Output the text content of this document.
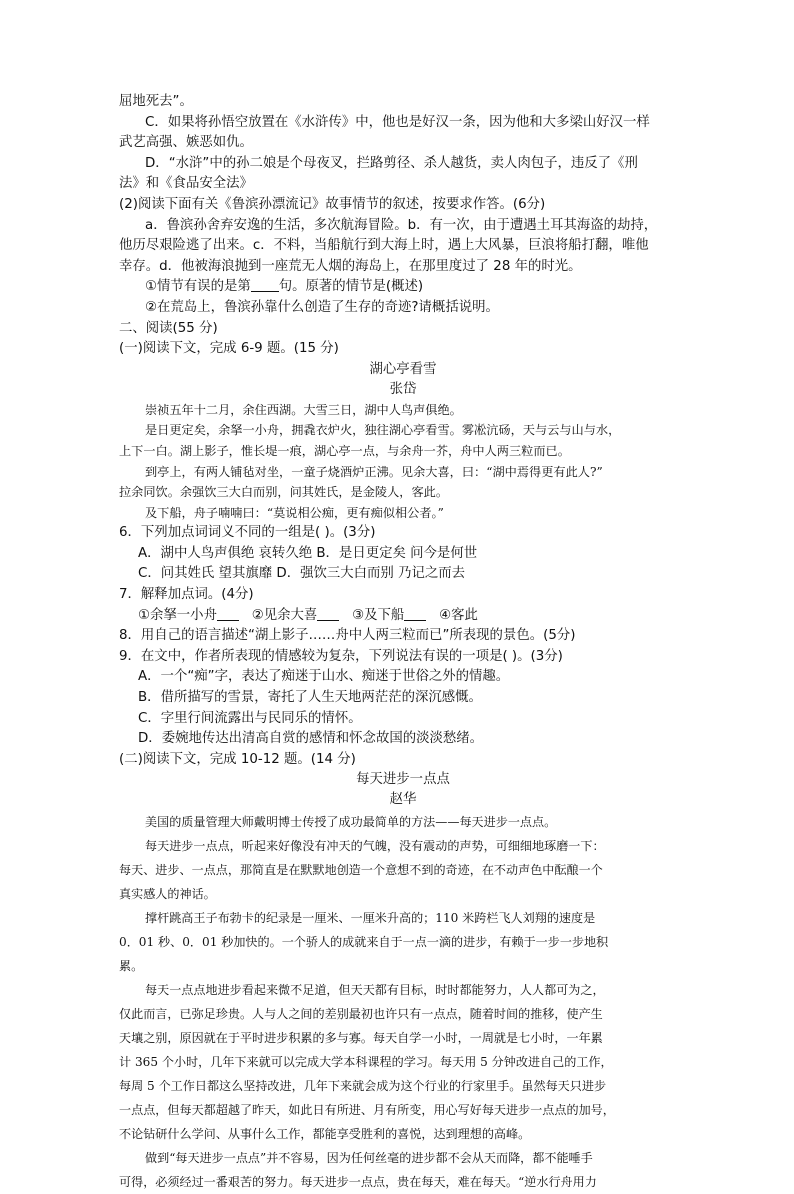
屈地死去”。
C．如果将孙悟空放置在《水浒传》中，他也是好汉一条，因为他和大多梁山好汉一样
武艺高强、嫉恶如仇。
D．“水浒”中的孙二娘是个母夜叉，拦路剪径、杀人越货，卖人肉包子，违反了《刑
法》和《食品安全法》
(2)阅读下面有关《鲁滨孙漂流记》故事情节的叙述，按要求作答。(6分)
a．鲁滨孙舍弃安逸的生活，多次航海冒险。b．有一次，由于遭遇土耳其海盗的劫持，
他历尽艰险逃了出来。c．不料，当船航行到大海上时，遇上大风暴，巨浪将船打翻，唯他
幸存。d．他被海浪抛到一座荒无人烟的海岛上，在那里度过了 28 年的时光。
①情节有误的是第 句。原著的情节是(概述)
②在荒岛上，鲁滨孙靠什么创造了生存的奇迹?请概括说明。
二、阅读(55 分)
(一)阅读下文，完成 6-9 题。(15 分)
湖心亭看雪
张岱
崇祯五年十二月，余住西湖。大雪三日，湖中人鸟声俱绝。
是日更定矣，余拏一小舟，拥毳衣炉火，独往湖心亭看雪。雾凇沆砀，天与云与山与水，
上下一白。湖上影子，惟长堤一痕，湖心亭一点，与余舟一芥，舟中人两三粒而已。
到亭上，有两人铺毡对坐，一童子烧酒炉正沸。见余大喜，曰：“湖中焉得更有此人?”
拉余同饮。余强饮三大白而别，问其姓氏，是金陵人，客此。
及下船，舟子喃喃曰：“莫说相公痴，更有痴似相公者。”
6．下列加点词词义不同的一组是( )。(3分)
A．湖中人鸟声俱绝 哀转久绝 B．是日更定矣 问今是何世
C．问其姓氏 望其旗靡 D．强饮三大白而别 乃记之而去
7．解释加点词。(4分)
①余拏一小舟	②见余大喜	③及下船	④客此
8．用自己的语言描述“湖上影子……舟中人两三粒而已”所表现的景色。(5分)
9．在文中，作者所表现的情感较为复杂，下列说法有误的一项是( )。(3分)
A．一个“痴”字，表达了痴迷于山水、痴迷于世俗之外的情趣。
B．借所描写的雪景，寄托了人生天地两茫茫的深沉感慨。
C．字里行间流露出与民同乐的情怀。
D．委婉地传达出清高自赏的感情和怀念故国的淡淡愁绪。
(二)阅读下文，完成 10-12 题。(14 分)
每天进步一点点
赵华
美国的质量管理大师戴明博士传授了成功最简单的方法——每天进步一点点。
每天进步一点点，听起来好像没有冲天的气魄，没有震动的声势，可细细地琢磨一下：
每天、进步、一点点，那简直是在默默地创造一个意想不到的奇迹，在不动声色中酝酿一个
真实感人的神话。
撑杆跳高王子布勃卡的纪录是一厘米、一厘米升高的；110 米跨栏飞人刘翔的速度是
0．01 秒、0．01 秒加快的。一个骄人的成就来自于一点一滴的进步，有赖于一步一步地积
累。
每天一点点地进步看起来微不足道，但天天都有目标，时时都能努力，人人都可为之，
仅此而言，已弥足珍贵。人与人之间的差别最初也许只有一点点，随着时间的推移，使产生
天壤之别，原因就在于平时进步积累的多与寡。每天自学一小时，一周就是七小时，一年累
计 365 个小时，几年下来就可以完成大学本科课程的学习。每天用 5 分钟改进自己的工作，
每周 5 个工作日都这么坚持改进，几年下来就会成为这个行业的行家里手。虽然每天只进步
一点点，但每天都超越了昨天，如此日有所进、月有所变，用心写好每天进步一点点的加号，
不论钻研什么学问、从事什么工作，都能享受胜利的喜悦，达到理想的高峰。
做到“每天进步一点点”并不容易，因为任何丝毫的进步都不会从天而降，都不能唾手
可得，必须经过一番艰苦的努力。每天进步一点点，贵在每天，难在每天。“逆水行舟用力
